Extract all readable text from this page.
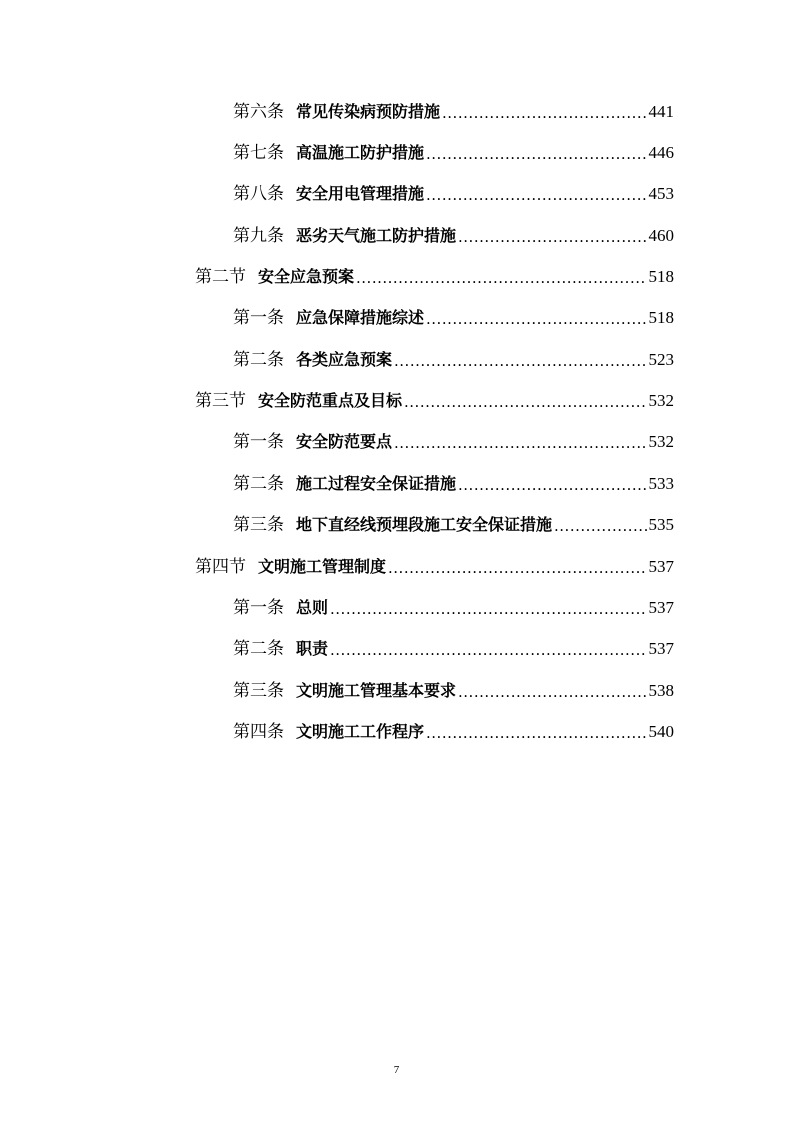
第六条 常见传染病预防措施 .....	441
第七条 高温施工防护措施 .....	446
第八条 安全用电管理措施 .....	453
第九条 恶劣天气施工防护措施 .....	460
第二节 安全应急预案 .....	518
第一条 应急保障措施综述 .....	518
第二条 各类应急预案 .....	523
第三节 安全防范重点及目标 .....	532
第一条 安全防范要点 .....	532
第二条 施工过程安全保证措施 .....	533
第三条 地下直经线预埋段施工安全保证措施 .....	535
第四节 文明施工管理制度 .....	537
第一条 总则 .....	537
第二条 职责 .....	537
第三条 文明施工管理基本要求 .....	538
第四条 文明施工工作程序 .....	540
7
